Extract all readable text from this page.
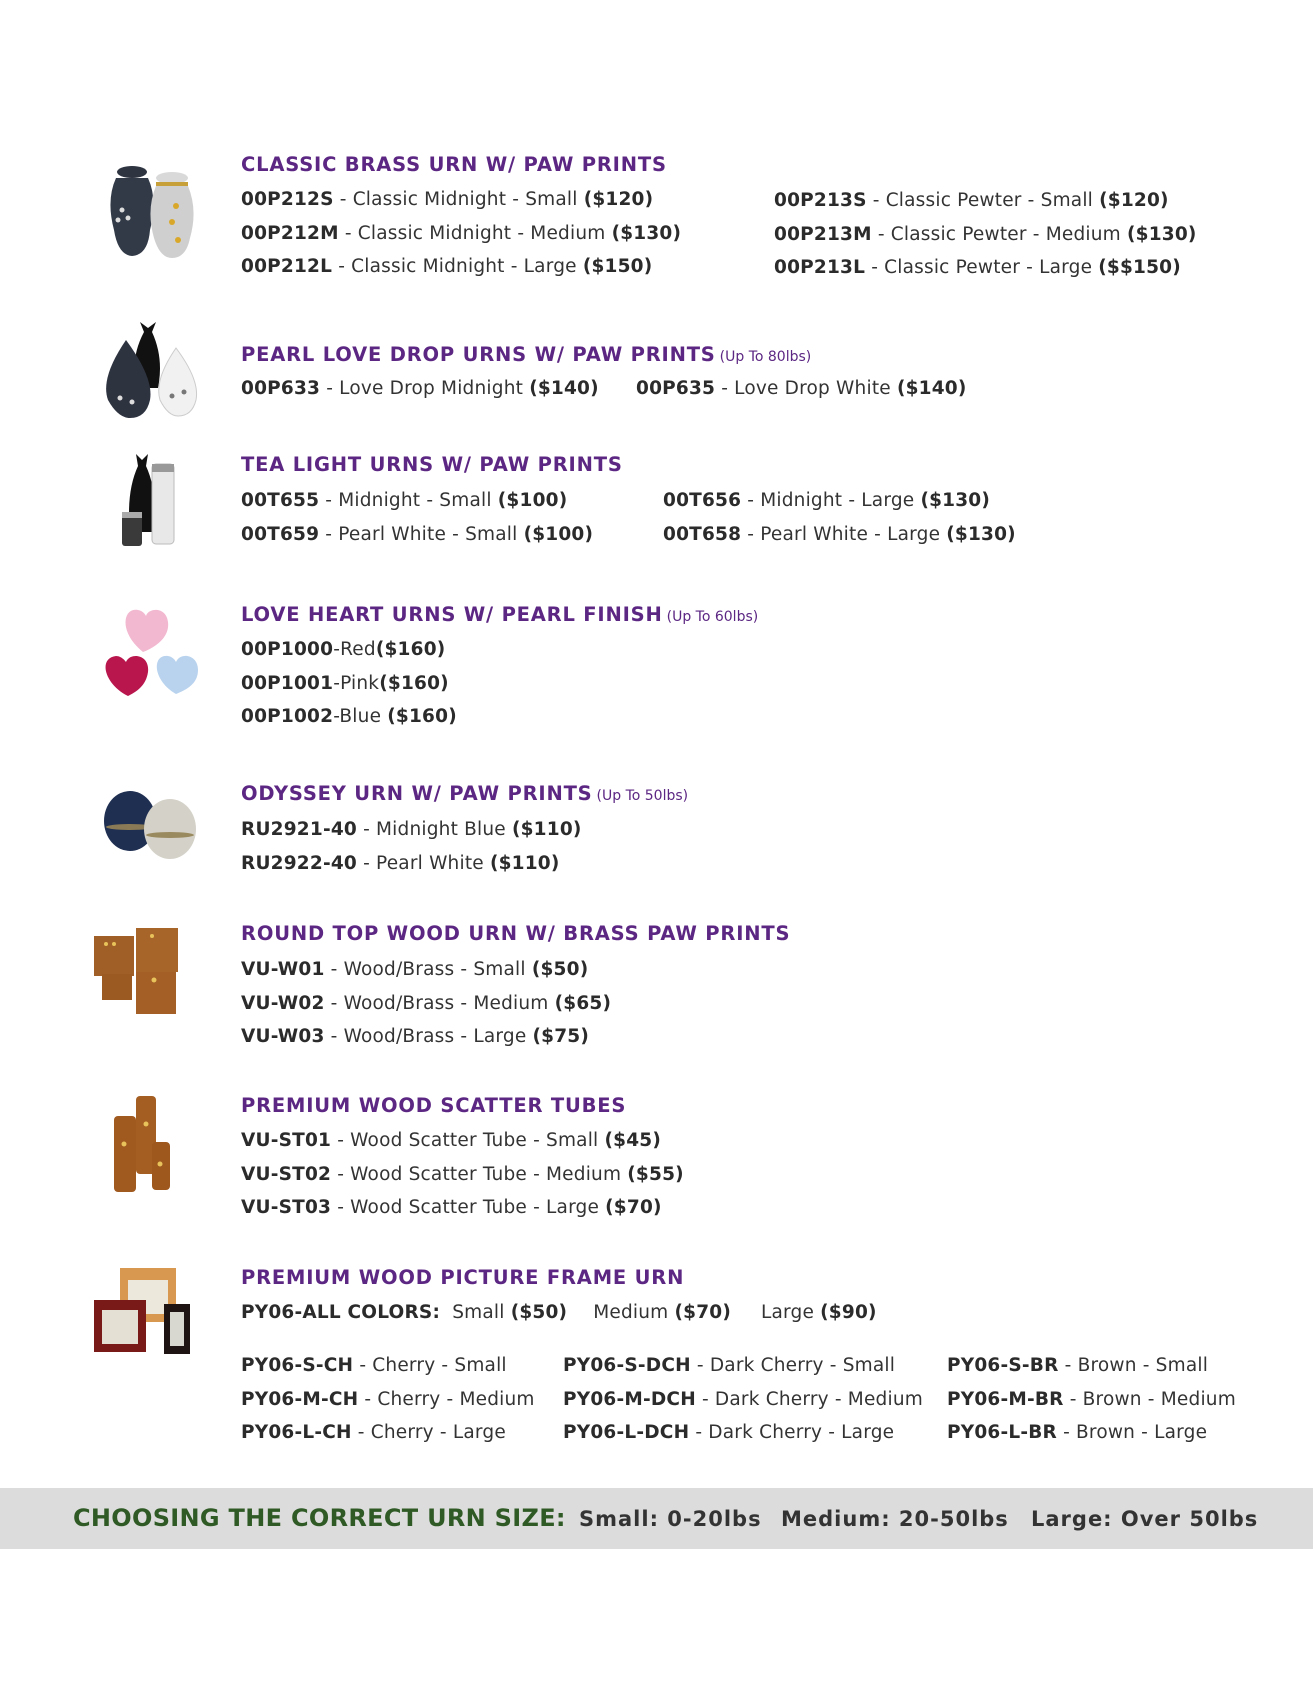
CLASSIC BRASS URN W/ PAW PRINTS
00P212S - Classic Midnight - Small ($120)
00P212M - Classic Midnight - Medium ($130)
00P212L - Classic Midnight - Large ($150)
00P213S - Classic Pewter - Small ($120)
00P213M - Classic Pewter - Medium ($130)
00P213L - Classic Pewter - Large ($$150)
PEARL LOVE DROP URNS W/ PAW PRINTS (Up To 80lbs)
00P633 - Love Drop Midnight ($140) 00P635 - Love Drop White ($140)
TEA LIGHT URNS W/ PAW PRINTS
00T655 - Midnight - Small ($100)
00T659 - Pearl White - Small ($100)
00T656 - Midnight - Large ($130)
00T658 - Pearl White - Large ($130)
LOVE HEART URNS W/ PEARL FINISH (Up To 60lbs)
00P1000-Red($160)
00P1001-Pink($160)
00P1002-Blue ($160)
ODYSSEY URN W/ PAW PRINTS (Up To 50lbs)
RU2921-40 - Midnight Blue ($110)
RU2922-40 - Pearl White ($110)
ROUND TOP WOOD URN W/ BRASS PAW PRINTS
VU-W01 - Wood/Brass - Small ($50)
VU-W02 - Wood/Brass - Medium ($65)
VU-W03 - Wood/Brass - Large ($75)
PREMIUM WOOD SCATTER TUBES
VU-ST01 - Wood Scatter Tube - Small ($45)
VU-ST02 - Wood Scatter Tube - Medium ($55)
VU-ST03 - Wood Scatter Tube - Large ($70)
PREMIUM WOOD PICTURE FRAME URN
PY06-ALL COLORS: Small ($50) Medium ($70) Large ($90)
PY06-S-CH - Cherry - Small
PY06-M-CH - Cherry - Medium
PY06-L-CH - Cherry - Large
PY06-S-DCH - Dark Cherry - Small
PY06-M-DCH - Dark Cherry - Medium
PY06-L-DCH - Dark Cherry - Large
PY06-S-BR - Brown - Small
PY06-M-BR - Brown - Medium
PY06-L-BR - Brown - Large
CHOOSING THE CORRECT URN SIZE: Small: 0-20lbs Medium: 20-50lbs Large: Over 50lbs
